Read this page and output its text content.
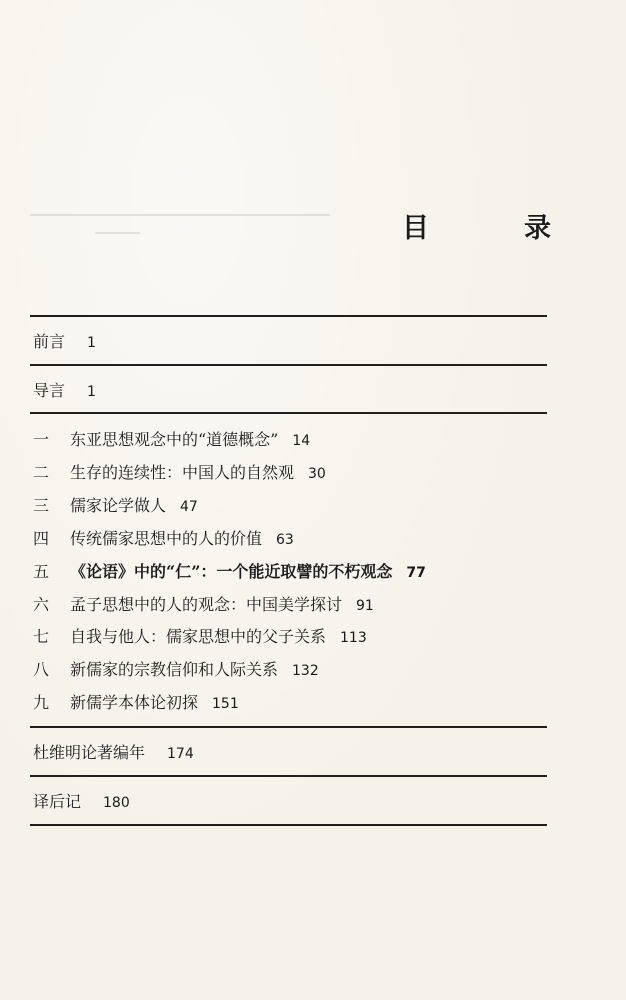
目　录
前言 1
导言 1
一 东亚思想观念中的“道德概念” 14
二 生存的连续性：中国人的自然观 30
三 儒家论学做人 47
四 传统儒家思想中的人的价值 63
五 《论语》中的“仁”：一个能近取譬的不朽观念 77
六 孟子思想中的人的观念：中国美学探讨 91
七 自我与他人：儒家思想中的父子关系 113
八 新儒家的宗教信仰和人际关系 132
九 新儒学本体论初探 151
杜维明论著编年 174
译后记 180
